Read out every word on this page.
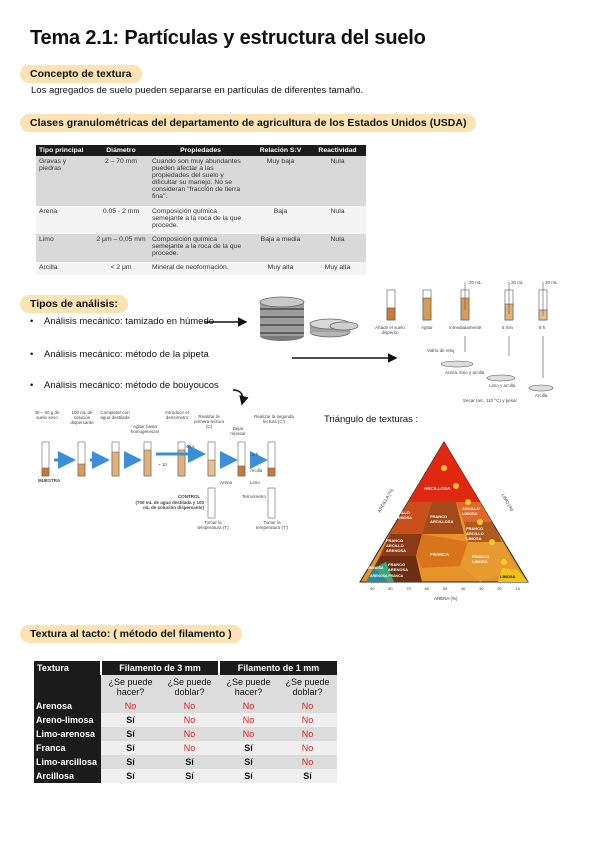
Tema 2.1: Partículas y estructura del suelo
Concepto de textura
Los agregados de suelo pueden separarse en partículas de diferentes tamaño.
Clases granulométricas del departamento de agricultura de los Estados Unidos (USDA)
Tipo principal	Diámetro	Propiedades	Relación S:V	Reactividad
Gravas y piedras	2 – 70 mm	Cuando son muy abundantes pueden afectar a las propiedades del suelo y dificultar su manejo. No se consideran "fracción de tierra fina".	Muy baja	Nula
Arena	0.05 - 2 mm	Composición química semejante a la roca de la que procede.	Baja	Nula
Limo	2 μm – 0,05 mm	Composición química semejante a la roca de la que procede.	Baja a media	Nula
Arcilla	< 2 μm	Mineral de neoformación.	Muy alta	Muy alta
Tipos de análisis:
• Análisis mecánico: tamizado en húmedo
• Análisis mecánico: método de la pipeta
• Análisis mecánico: método de bouyoucos
20 mL	20 mL	20 mL
Añadir el suelo disperso
Agitar	Inmediatamente	5 min	8 h
Vidrio de reloj
Arena, limo y arcilla
Limo y arcilla
Arcilla
Secar (a/c. 110 °C) y pesar
40 – 50 g de suelo seco
100 mL de solución dispersante
Completar con agua destilada
Agitar hasta homogeneizar
Introducir el densímetro	Realizar la primera lectura (C)	Dejar reposar
Realizar la segunda lectura (C')
MUESTRA
40 s
2 h
~ 10
Arena	Limo
Arcilla
CONTROL
(700 mL de agua destilada y 100 mL de solución dispersante)
Termómetro
Tomar la temperatura (T)
Tomar la temperatura (T')
Triángulo de texturas :
ARCILLOSA
ARCILLO ARENOSA
ARCILLO LIMOSA
FRANCO ARCILLOSA
FRANCO ARCILLO ARENOSA
FRANCO ARCILLO LIMOSA
FRANCO ARENOSA
FRANCA	FRANCO LIMOSA
ARENOSA FRANCA
ARENOSA
LIMOSA
ARENA (%)
ARCILLA (%)	LIMO (%)
90	80	70	60	50	40	30	20	10
Textura al tacto: ( método del filamento )
Textura	Filamento de 3 mm		Filamento de 1 mm	
	¿Se puede hacer?	¿Se puede doblar?	¿Se puede hacer?	¿Se puede doblar?
Arenosa	No	No	No	No
Areno-limosa	Sí	No	No	No
Limo-arenosa	Sí	No	No	No
Franca	Sí	No	Sí	No
Limo-arcillosa	Sí	Sí	Sí	No
Arcillosa	Sí	Sí	Sí	Sí
